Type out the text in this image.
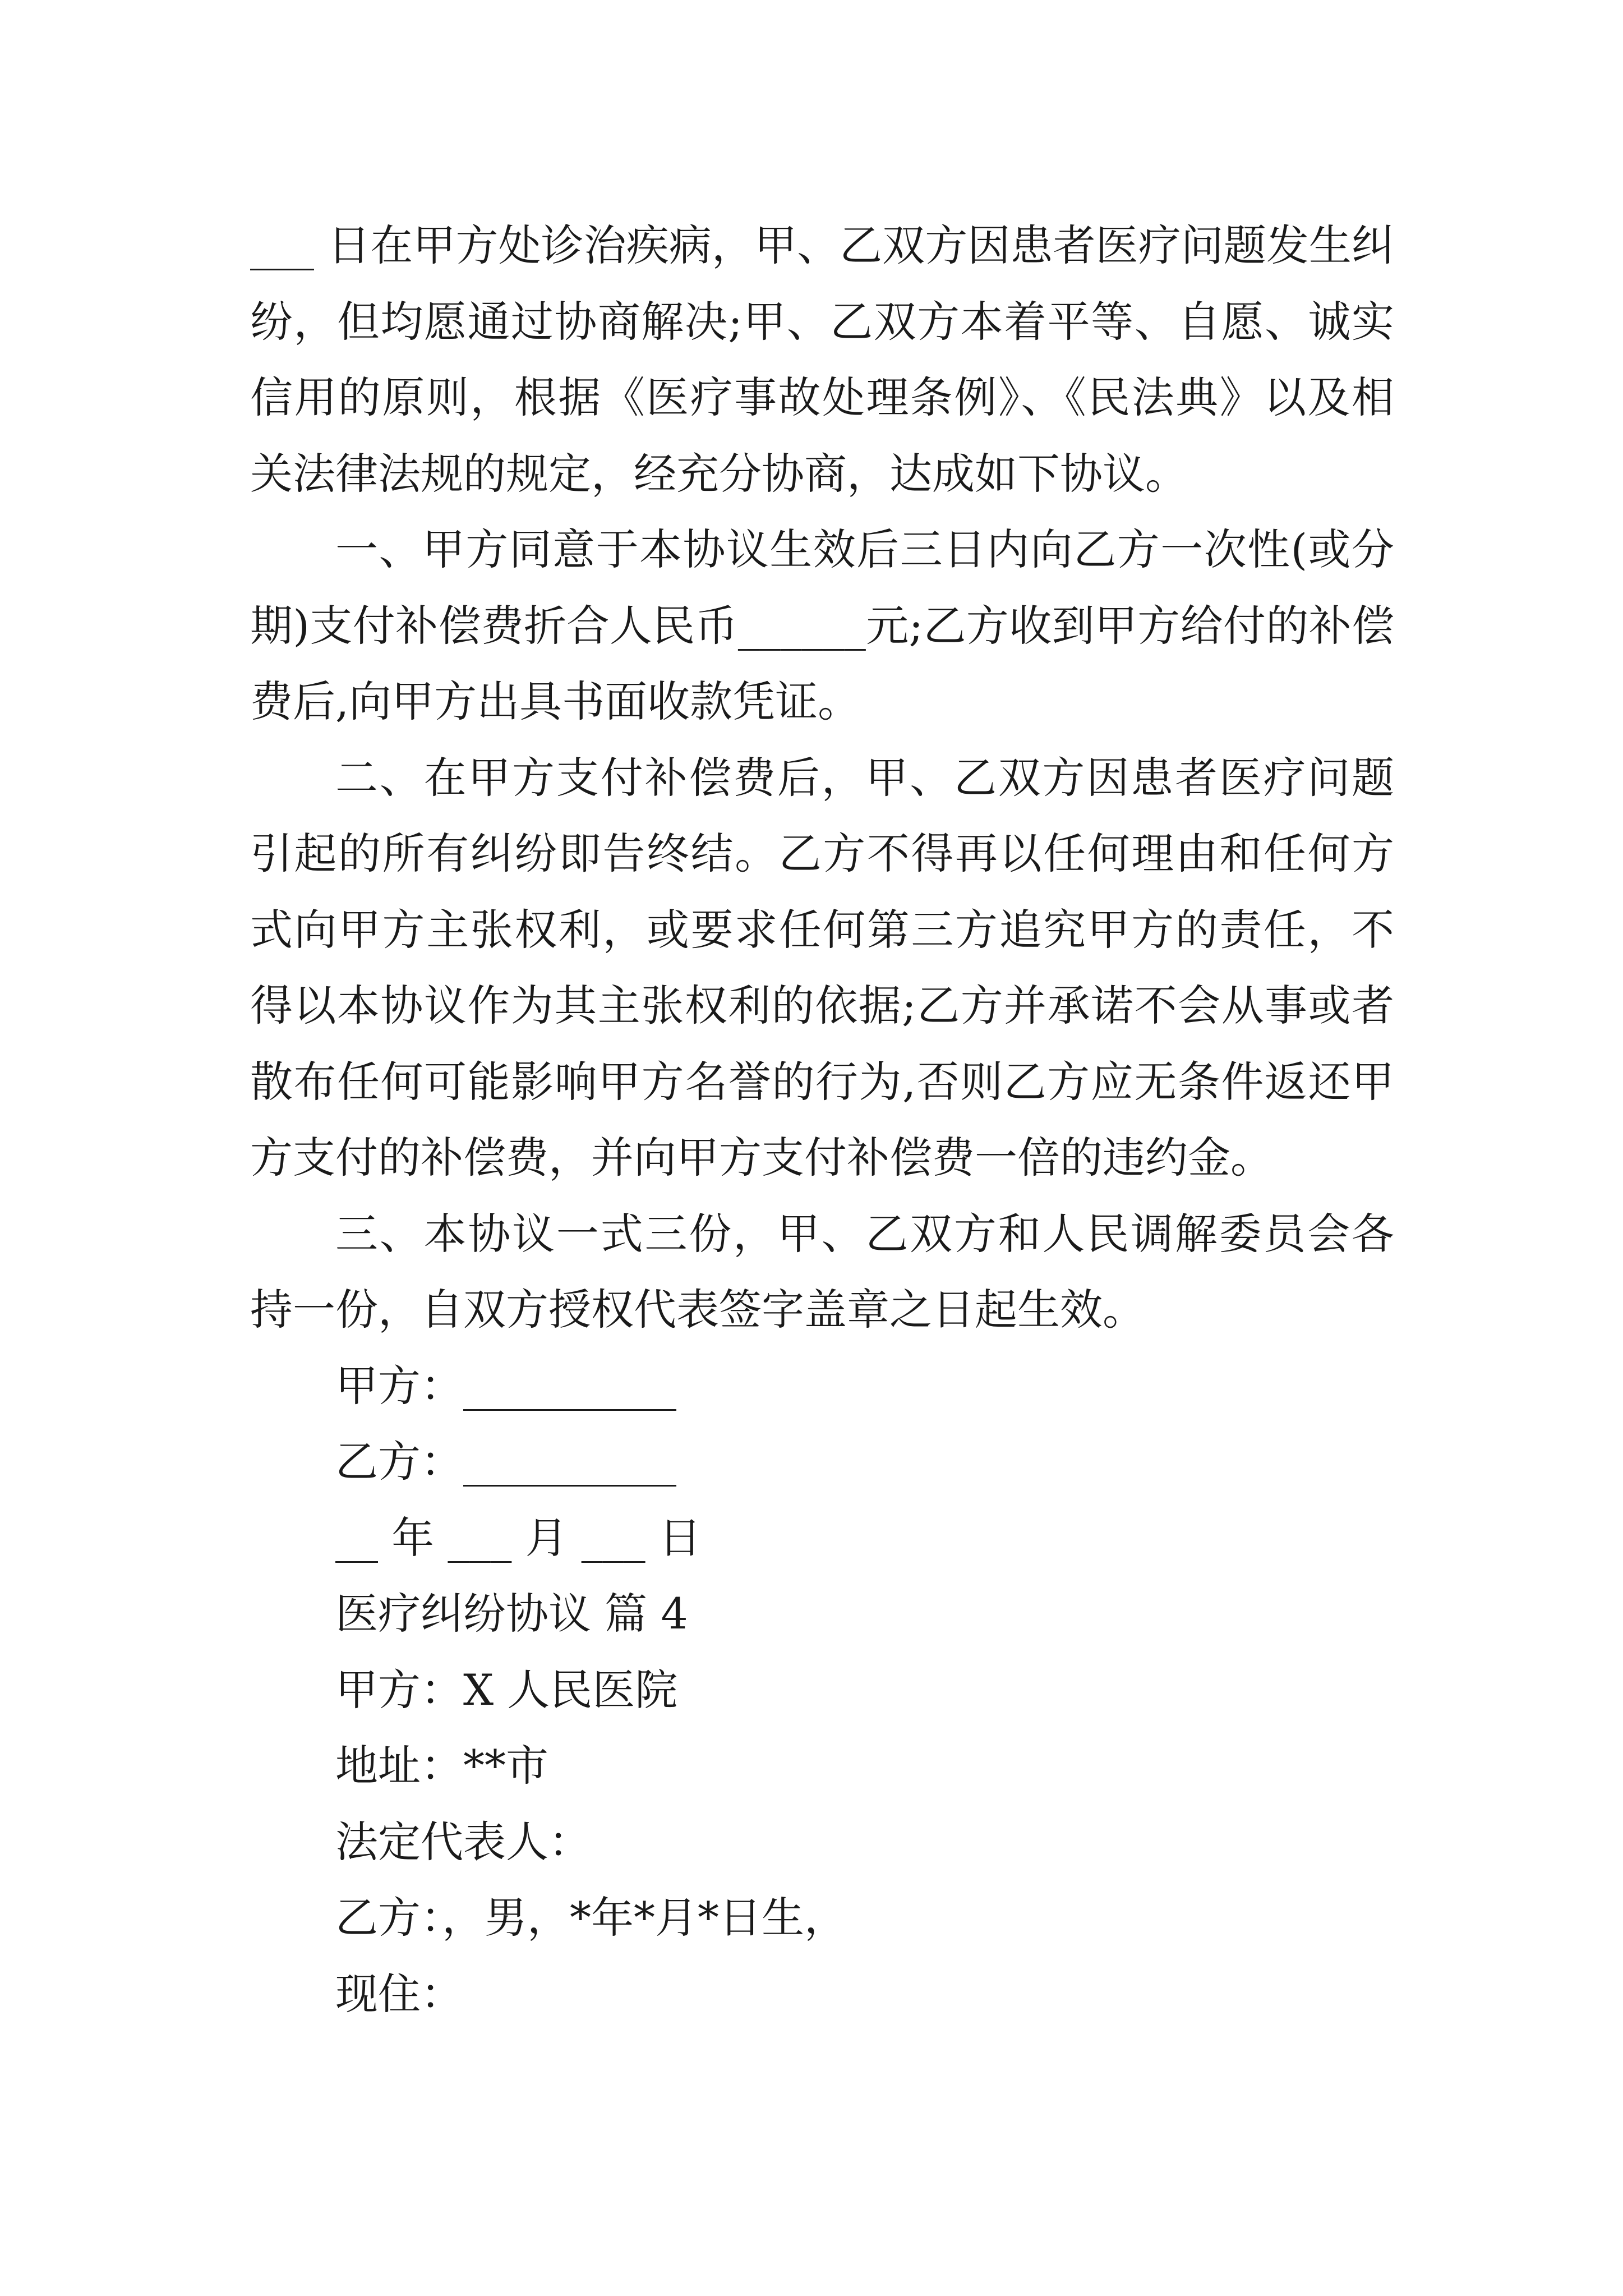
___ 日在甲方处诊治疾病，甲、乙双方因患者医疗问题发生纠纷，但均愿通过协商解决;甲、乙双方本着平等、自愿、诚实信用的原则，根据《医疗事故处理条例》、《民法典》以及相关法律法规的规定，经充分协商，达成如下协议。

一、甲方同意于本协议生效后三日内向乙方一次性(或分期)支付补偿费折合人民币______元;乙方收到甲方给付的补偿费后,向甲方出具书面收款凭证。

二、在甲方支付补偿费后，甲、乙双方因患者医疗问题引起的所有纠纷即告终结。乙方不得再以任何理由和任何方式向甲方主张权利，或要求任何第三方追究甲方的责任，不得以本协议作为其主张权利的依据;乙方并承诺不会从事或者散布任何可能影响甲方名誉的行为,否则乙方应无条件返还甲方支付的补偿费，并向甲方支付补偿费一倍的违约金。

三、本协议一式三份，甲、乙双方和人民调解委员会各持一份，自双方授权代表签字盖章之日起生效。

甲方：__________
乙方：__________
__ 年 ___ 月 ___ 日
医疗纠纷协议 篇 4
甲方：X 人民医院
地址：**市
法定代表人：
乙方：，男，*年*月*日生，
现住：
